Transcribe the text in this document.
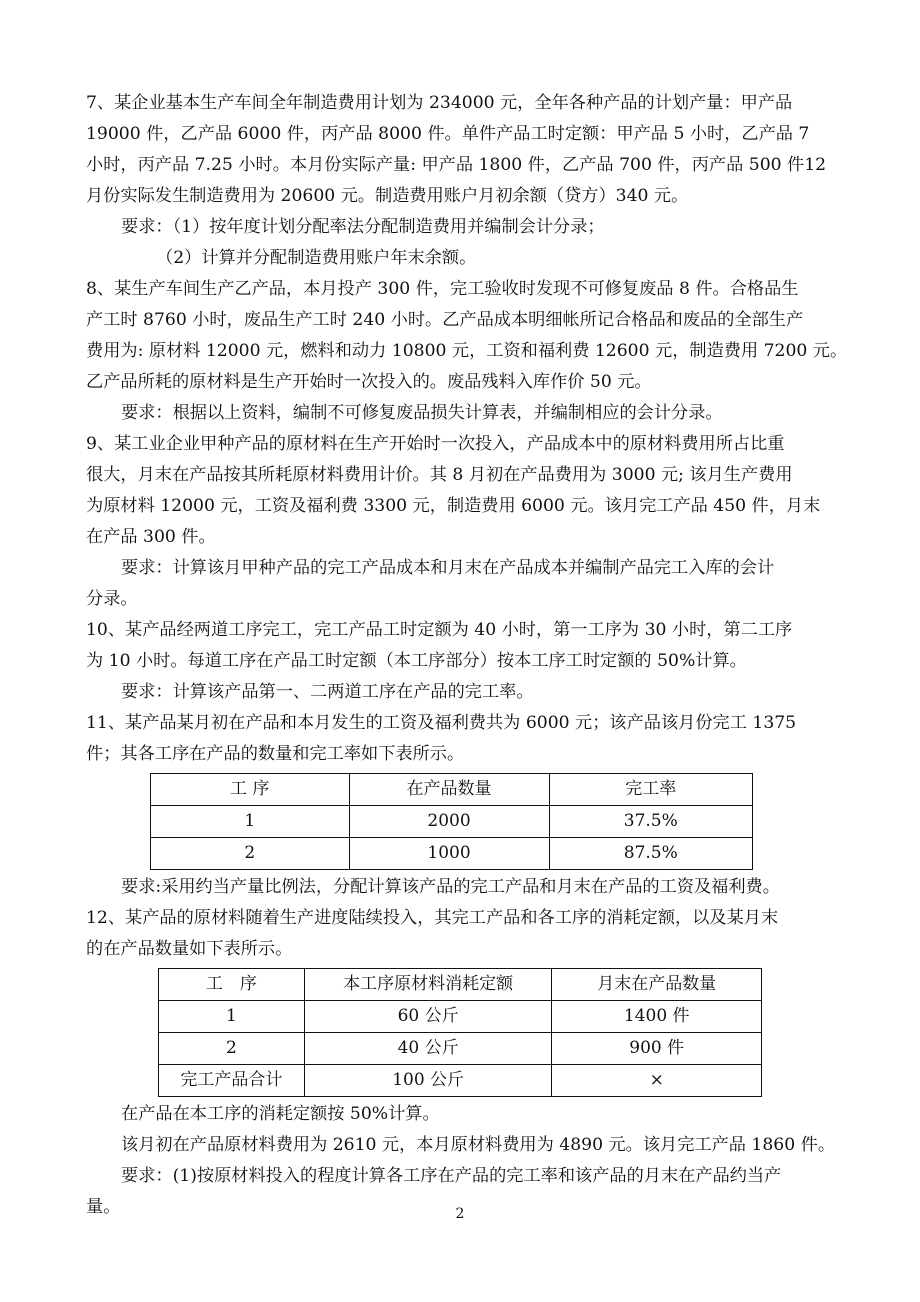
7、某企业基本生产车间全年制造费用计划为 234000 元，全年各种产品的计划产量：甲产品
19000 件，乙产品 6000 件，丙产品 8000 件。单件产品工时定额：甲产品 5 小时，乙产品 7
小时，丙产品 7.25 小时。本月份实际产量: 甲产品 1800 件，乙产品 700 件，丙产品 500 件12
月份实际发生制造费用为 20600 元。制造费用账户月初余额（贷方）340 元。
要求：（1）按年度计划分配率法分配制造费用并编制会计分录；
（2）计算并分配制造费用账户年末余额。
8、某生产车间生产乙产品，本月投产 300 件，完工验收时发现不可修复废品 8 件。合格品生
产工时 8760 小时，废品生产工时 240 小时。乙产品成本明细帐所记合格品和废品的全部生产
费用为: 原材料 12000 元，燃料和动力 10800 元，工资和福利费 12600 元，制造费用 7200 元。
乙产品所耗的原材料是生产开始时一次投入的。废品残料入库作价 50 元。
要求：根据以上资料，编制不可修复废品损失计算表，并编制相应的会计分录。
9、某工业企业甲种产品的原材料在生产开始时一次投入，产品成本中的原材料费用所占比重
很大，月末在产品按其所耗原材料费用计价。其 8 月初在产品费用为 3000 元; 该月生产费用
为原材料 12000 元，工资及福利费 3300 元，制造费用 6000 元。该月完工产品 450 件，月末
在产品 300 件。
要求：计算该月甲种产品的完工产品成本和月末在产品成本并编制产品完工入库的会计
分录。
10、某产品经两道工序完工，完工产品工时定额为 40 小时，第一工序为 30 小时，第二工序
为 10 小时。每道工序在产品工时定额（本工序部分）按本工序工时定额的 50%计算。
要求：计算该产品第一、二两道工序在产品的完工率。
11、某产品某月初在产品和本月发生的工资及福利费共为 6000 元；该产品该月份完工 1375
件；其各工序在产品的数量和完工率如下表所示。
工 序	在产品数量	完工率
1	2000	37.5%
2	1000	87.5%
要求:采用约当产量比例法，分配计算该产品的完工产品和月末在产品的工资及福利费。
12、某产品的原材料随着生产进度陆续投入，其完工产品和各工序的消耗定额，以及某月末
的在产品数量如下表所示。
工　序	本工序原材料消耗定额	月末在产品数量
1	60 公斤	1400 件
2	40 公斤	900 件
完工产品合计	100 公斤	×
在产品在本工序的消耗定额按 50%计算。
该月初在产品原材料费用为 2610 元，本月原材料费用为 4890 元。该月完工产品 1860 件。
要求：(1)按原材料投入的程度计算各工序在产品的完工率和该产品的月末在产品约当产
量。	2
